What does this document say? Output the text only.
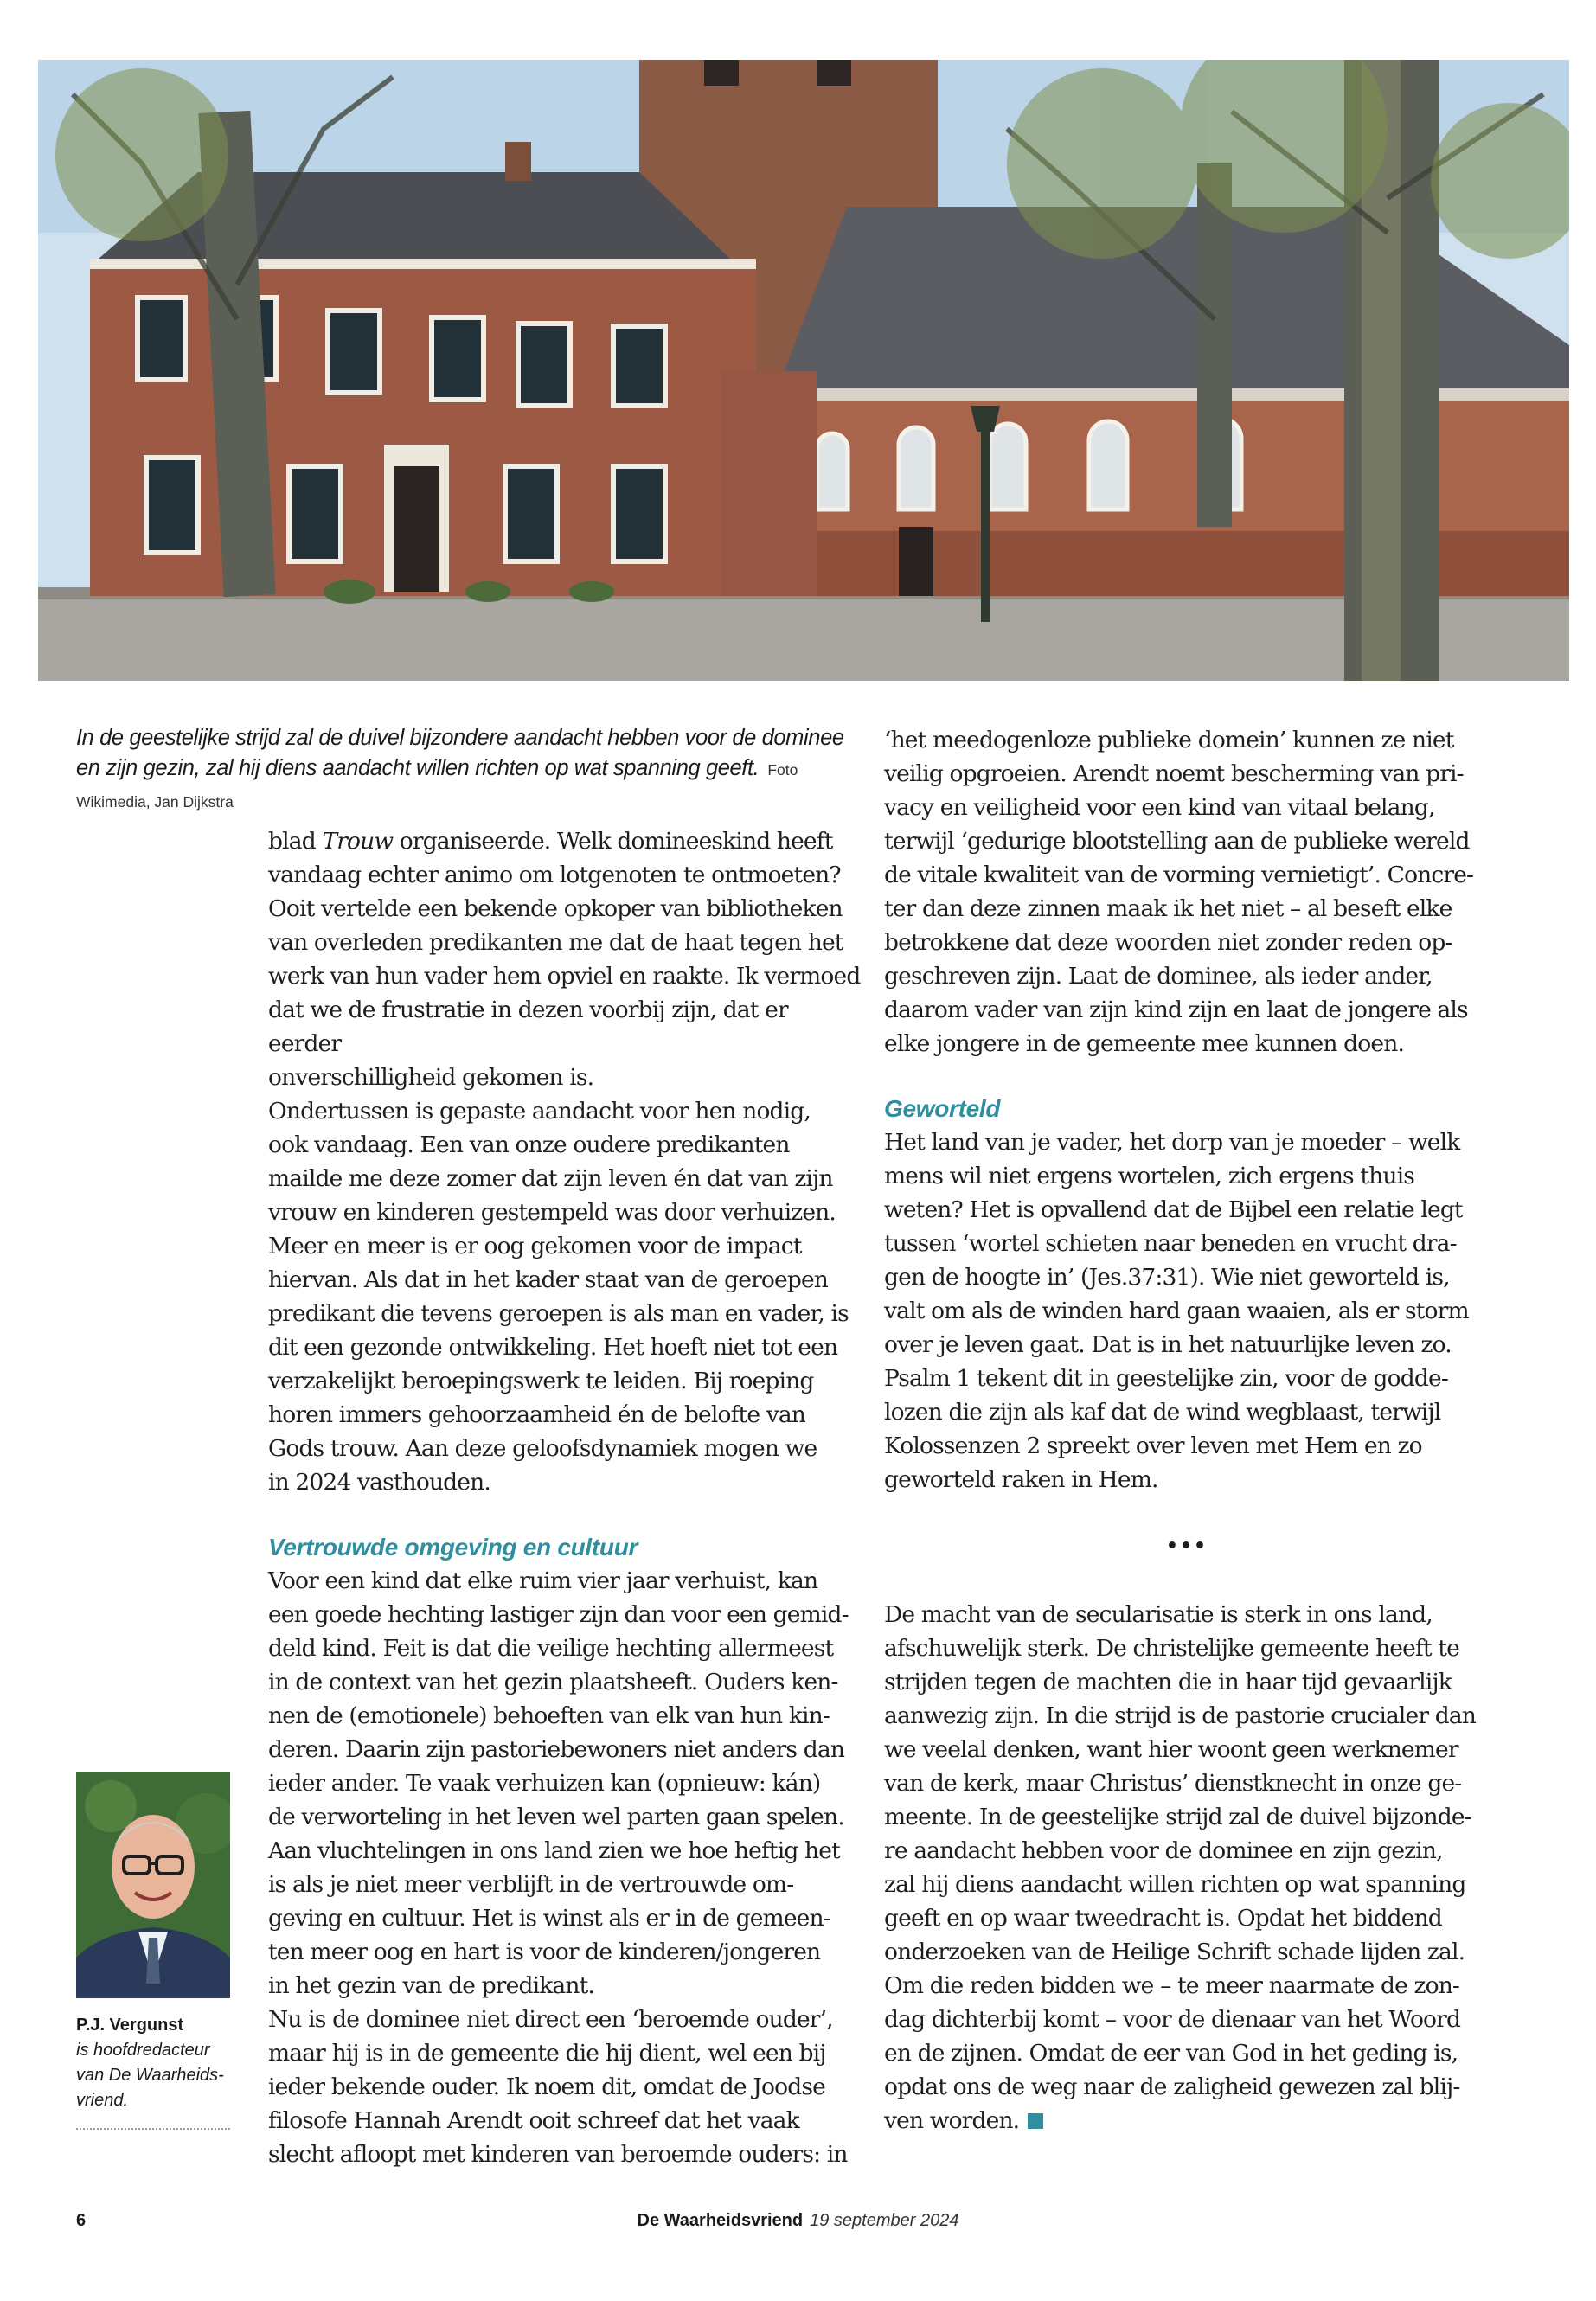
In de geestelijke strijd zal de duivel bijzondere aandacht hebben voor de dominee en zijn gezin, zal hij diens aandacht willen richten op wat spanning geeft. Foto Wikimedia, Jan Dijkstra

blad Trouw organiseerde. Welk domineeskind heeft
vandaag echter animo om lotgenoten te ontmoeten?
Ooit vertelde een bekende opkoper van bibliotheken
van overleden predikanten me dat de haat tegen het
werk van hun vader hem opviel en raakte. Ik vermoed
dat we de frustratie in dezen voorbij zijn, dat er eerder
onverschilligheid gekomen is.

Ondertussen is gepaste aandacht voor hen nodig,
ook vandaag. Een van onze oudere predikanten
mailde me deze zomer dat zijn leven én dat van zijn
vrouw en kinderen gestempeld was door verhuizen.
Meer en meer is er oog gekomen voor de impact
hiervan. Als dat in het kader staat van de geroepen
predikant die tevens geroepen is als man en vader, is
dit een gezonde ontwikkeling. Het hoeft niet tot een
verzakelijkt beroepingswerk te leiden. Bij roeping
horen immers gehoorzaamheid én de belofte van
Gods trouw. Aan deze geloofsdynamiek mogen we
in 2024 vasthouden.

Vertrouwde omgeving en cultuur

Voor een kind dat elke ruim vier jaar verhuist, kan
een goede hechting lastiger zijn dan voor een gemid-
deld kind. Feit is dat die veilige hechting allermeest
in de context van het gezin plaatsheeft. Ouders ken-
nen de (emotionele) behoeften van elk van hun kin-
deren. Daarin zijn pastoriebewoners niet anders dan
ieder ander. Te vaak verhuizen kan (opnieuw: kán)
de verworteling in het leven wel parten gaan spelen.
Aan vluchtelingen in ons land zien we hoe heftig het
is als je niet meer verblijft in de vertrouwde om-
geving en cultuur. Het is winst als er in de gemeen-
ten meer oog en hart is voor de kinderen/jongeren
in het gezin van de predikant.

Nu is de dominee niet direct een ‘beroemde ouder’,
maar hij is in de gemeente die hij dient, wel een bij
ieder bekende ouder. Ik noem dit, omdat de Joodse
filosofe Hannah Arendt ooit schreef dat het vaak
slecht afloopt met kinderen van beroemde ouders: in

‘het meedogenloze publieke domein’ kunnen ze niet
veilig opgroeien. Arendt noemt bescherming van pri-
vacy en veiligheid voor een kind van vitaal belang,
terwijl ‘gedurige blootstelling aan de publieke wereld
de vitale kwaliteit van de vorming vernietigt’. Concre-
ter dan deze zinnen maak ik het niet – al beseft elke
betrokkene dat deze woorden niet zonder reden op-
geschreven zijn. Laat de dominee, als ieder ander,
daarom vader van zijn kind zijn en laat de jongere als
elke jongere in de gemeente mee kunnen doen.

Geworteld

Het land van je vader, het dorp van je moeder – welk
mens wil niet ergens wortelen, zich ergens thuis
weten? Het is opvallend dat de Bijbel een relatie legt
tussen ‘wortel schieten naar beneden en vrucht dra-
gen de hoogte in’ (Jes.37:31). Wie niet geworteld is,
valt om als de winden hard gaan waaien, als er storm
over je leven gaat. Dat is in het natuurlijke leven zo.
Psalm 1 tekent dit in geestelijke zin, voor de godde-
lozen die zijn als kaf dat de wind wegblaast, terwijl
Kolossenzen 2 spreekt over leven met Hem en zo
geworteld raken in Hem.

•••

De macht van de secularisatie is sterk in ons land,
afschuwelijk sterk. De christelijke gemeente heeft te
strijden tegen de machten die in haar tijd gevaarlijk
aanwezig zijn. In die strijd is de pastorie crucialer dan
we veelal denken, want hier woont geen werknemer
van de kerk, maar Christus’ dienstknecht in onze ge-
meente. In de geestelijke strijd zal de duivel bijzonde-
re aandacht hebben voor de dominee en zijn gezin,
zal hij diens aandacht willen richten op wat spanning
geeft en op waar tweedracht is. Opdat het biddend
onderzoeken van de Heilige Schrift schade lijden zal.
Om die reden bidden we – te meer naarmate de zon-
dag dichterbij komt – voor de dienaar van het Woord
en de zijnen. Omdat de eer van God in het geding is,
opdat ons de weg naar de zaligheid gewezen zal blij-
ven worden.

P.J. Vergunst
is hoofdredacteur
van De Waarheids-
vriend.
6	De Waarheidsvriend 19 september 2024
